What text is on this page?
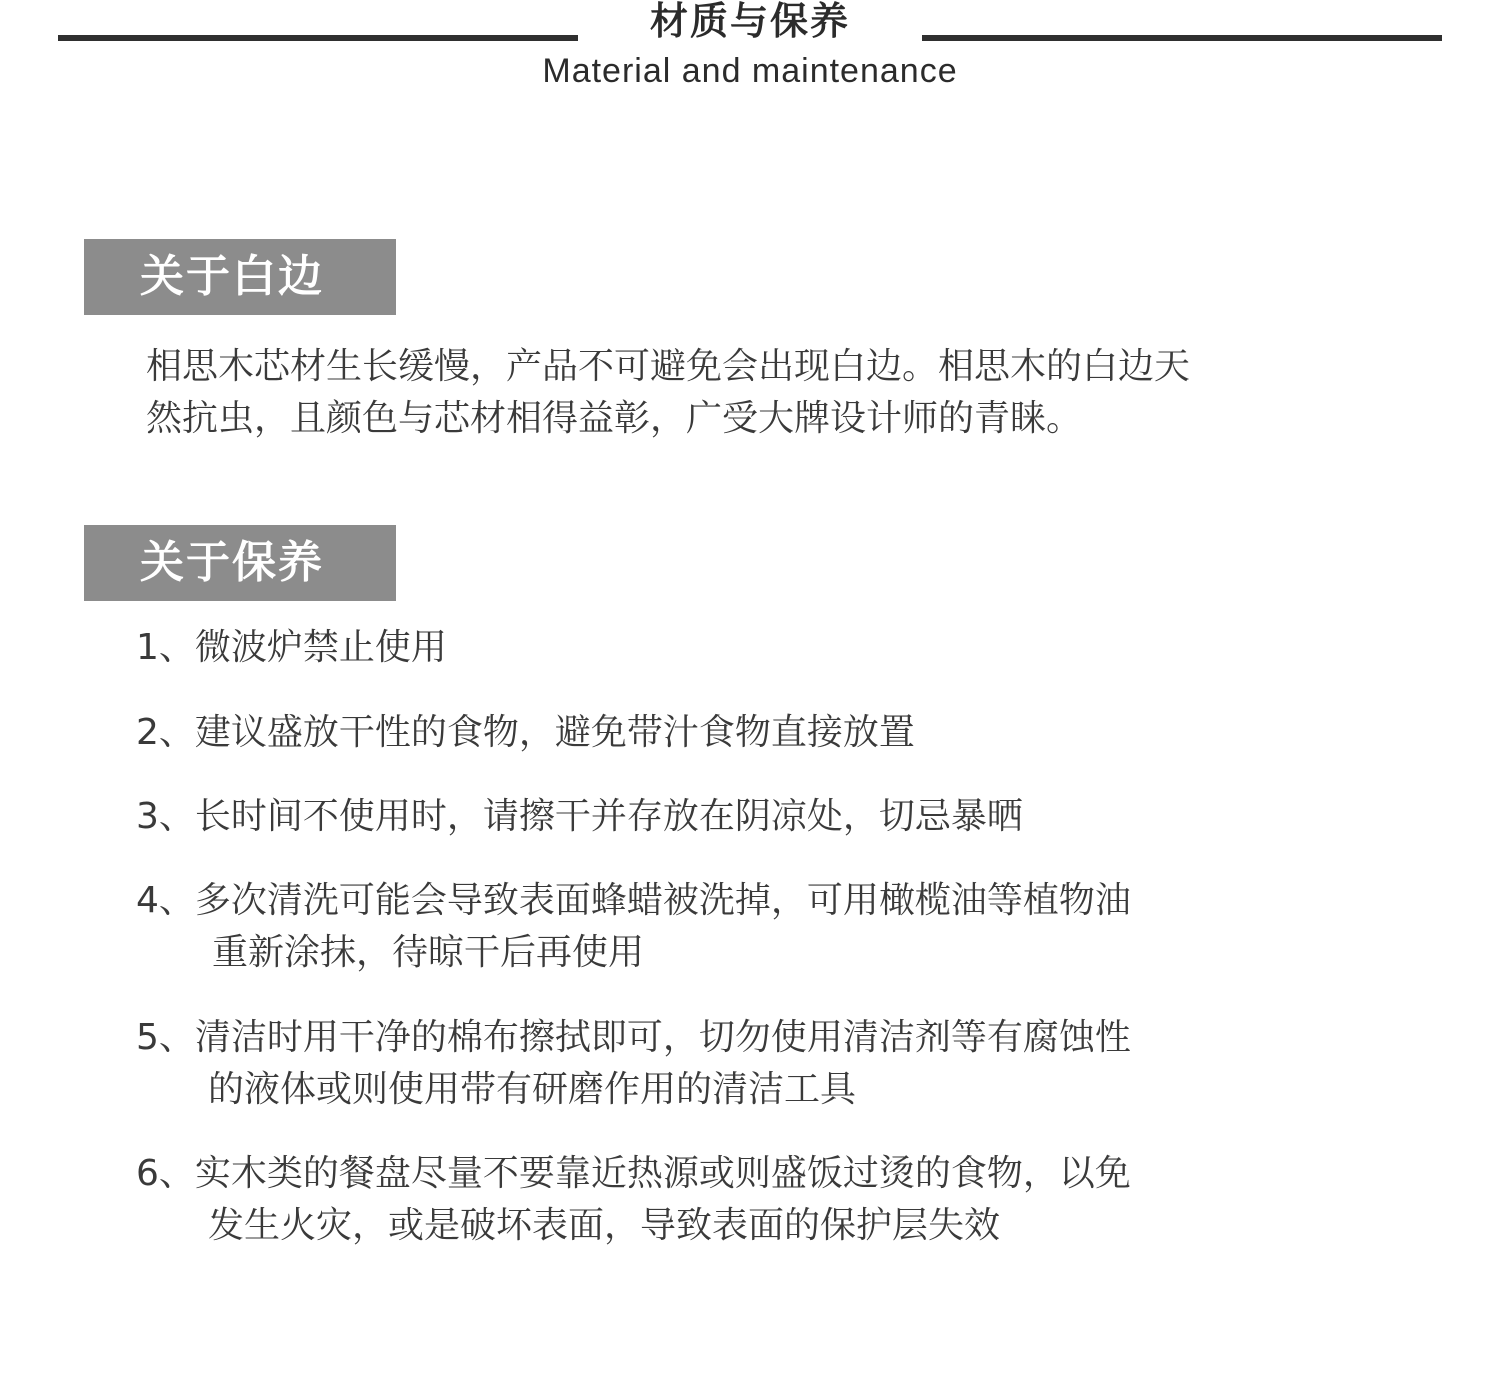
材质与保养
Material and maintenance
关于白边
相思木芯材生长缓慢，产品不可避免会出现白边。相思木的白边天
然抗虫，且颜色与芯材相得益彰，广受大牌设计师的青睐。
关于保养
1、微波炉禁止使用
2、建议盛放干性的食物，避免带汁食物直接放置
3、长时间不使用时，请擦干并存放在阴凉处，切忌暴晒
4、多次清洗可能会导致表面蜂蜡被洗掉，可用橄榄油等植物油
重新涂抹，待晾干后再使用
5、清洁时用干净的棉布擦拭即可，切勿使用清洁剂等有腐蚀性
的液体或则使用带有研磨作用的清洁工具
6、实木类的餐盘尽量不要靠近热源或则盛饭过烫的食物，以免
发生火灾，或是破坏表面，导致表面的保护层失效
